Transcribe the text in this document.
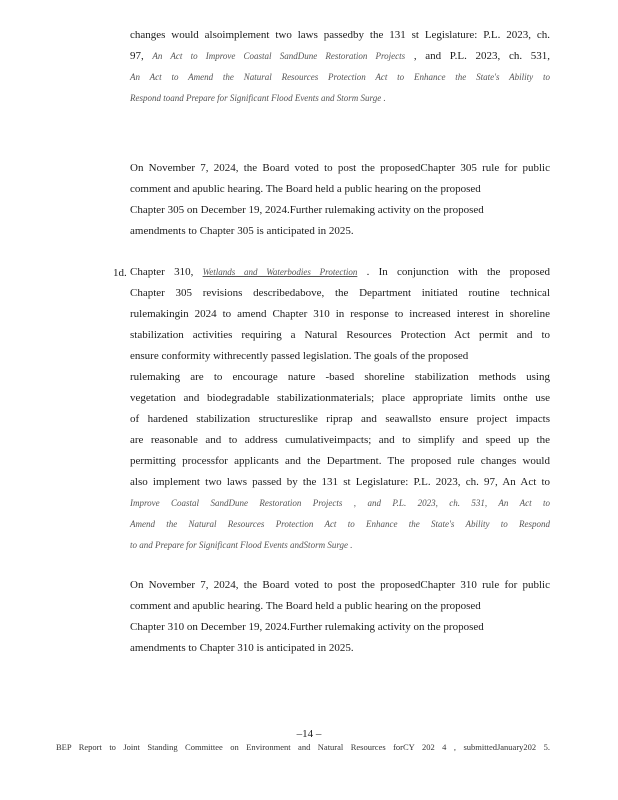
changes would alsoimplement two laws passedby the 131 st Legislature: P.L. 2023, ch.
97, An Act to Improve Coastal SandDune Restoration Projects , and P.L. 2023, ch. 531,
An Act to Amend the Natural Resources Protection Act to Enhance the State's Ability to
Respond toand Prepare for Significant Flood Events and Storm Surge .
On November 7, 2024, the Board voted to post the proposedChapter 305 rule for public
comment and apublic hearing. The Board held a public hearing on the proposed
Chapter 305 on December 19, 2024.Further rulemaking activity on the proposed
amendments to Chapter 305 is anticipated in 2025.
1d. Chapter 310, Wetlands and Waterbodies Protection . In conjunction with the proposed
Chapter 305 revisions describedabove, the Department initiated routine technical
rulemakingin 2024 to amend Chapter 310 in response to increased interest in shoreline
stabilization activities requiring a Natural Resources Protection Act permit and to
ensure conformity withrecently passed legislation. The goals of the proposed
rulemaking are to encourage nature -based shoreline stabilization methods using
vegetation and biodegradable stabilizationmaterials; place appropriate limits onthe use
of hardened stabilization structureslike riprap and seawallsto ensure project impacts
are reasonable and to address cumulativeimpacts; and to simplify and speed up the
permitting processfor applicants and the Department. The proposed rule changes would
also implement two laws passed by the 131 st Legislature: P.L. 2023, ch. 97, An Act to
Improve Coastal SandDune Restoration Projects , and P.L. 2023, ch. 531, An Act to
Amend the Natural Resources Protection Act to Enhance the State's Ability to Respond
to and Prepare for Significant Flood Events andStorm Surge .
On November 7, 2024, the Board voted to post the proposedChapter 310 rule for public
comment and apublic hearing. The Board held a public hearing on the proposed
Chapter 310 on December 19, 2024.Further rulemaking activity on the proposed
amendments to Chapter 310 is anticipated in 2025.
–14 –
BEP Report to Joint Standing Committee on Environment and Natural Resources forCY 202 4 , submittedJanuary202 5.
